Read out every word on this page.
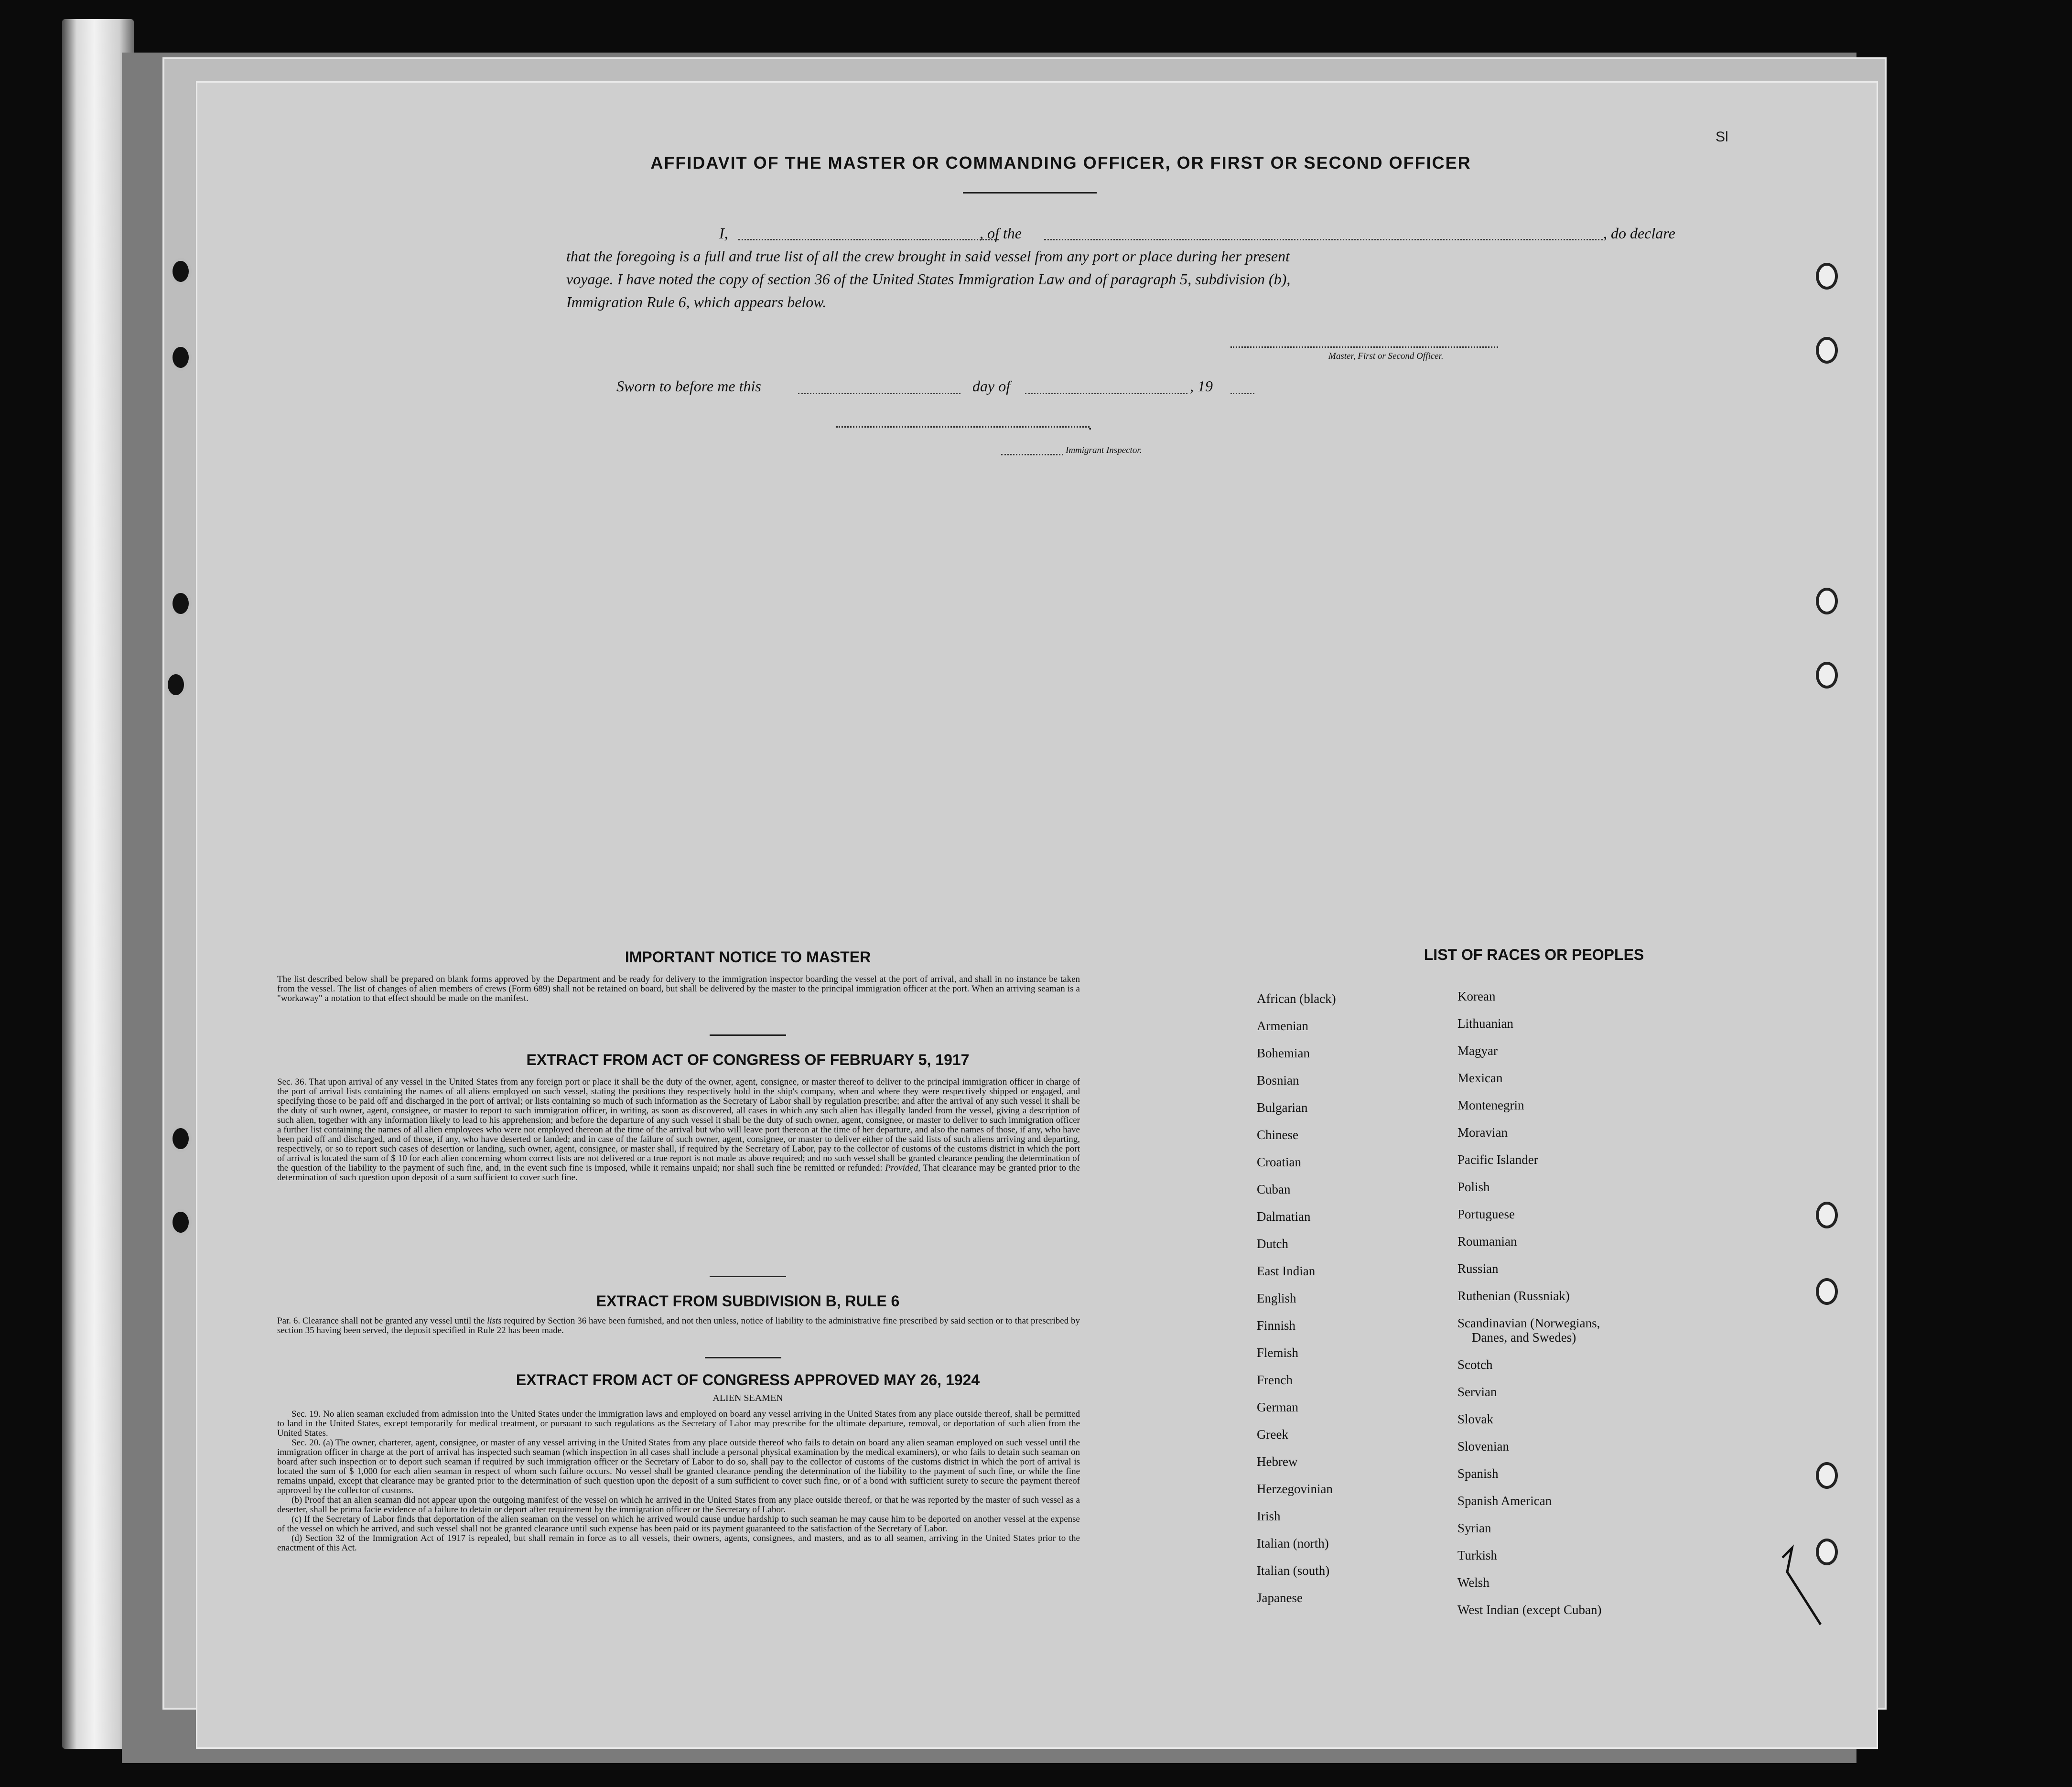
Sl
AFFIDAVIT OF THE MASTER OR COMMANDING OFFICER, OR FIRST OR SECOND OFFICER
I,	, of the	, do declare
that the foregoing is a full and true list of all the crew brought in said vessel from any port or place during her present
voyage. I have noted the copy of section 36 of the United States Immigration Law and of paragraph 5, subdivision (b),
Immigration Rule 6, which appears below.
Master, First or Second Officer.
Sworn to before me this	day of	, 19
.
Immigrant Inspector.
IMPORTANT NOTICE TO MASTER
The list described below shall be prepared on blank forms approved by the Department and be ready for delivery to the immigration inspector boarding the vessel at the port of arrival, and shall in no instance be taken from the vessel. The list of changes of alien members of crews (Form 689) shall not be retained on board, but shall be delivered by the master to the principal immigration officer at the port. When an arriving seaman is a "workaway" a notation to that effect should be made on the manifest.
EXTRACT FROM ACT OF CONGRESS OF FEBRUARY 5, 1917
Sec. 36. That upon arrival of any vessel in the United States from any foreign port or place it shall be the duty of the owner, agent, consignee, or master thereof to deliver to the principal immigration officer in charge of the port of arrival lists containing the names of all aliens employed on such vessel, stating the positions they respectively hold in the ship's company, when and where they were respectively shipped or engaged, and specifying those to be paid off and discharged in the port of arrival; or lists containing so much of such information as the Secretary of Labor shall by regulation prescribe; and after the arrival of any such vessel it shall be the duty of such owner, agent, consignee, or master to report to such immigration officer, in writing, as soon as discovered, all cases in which any such alien has illegally landed from the vessel, giving a description of such alien, together with any information likely to lead to his apprehension; and before the departure of any such vessel it shall be the duty of such owner, agent, consignee, or master to deliver to such immigration officer a further list containing the names of all alien employees who were not employed thereon at the time of the arrival but who will leave port thereon at the time of her departure, and also the names of those, if any, who have been paid off and discharged, and of those, if any, who have deserted or landed; and in case of the failure of such owner, agent, consignee, or master to deliver either of the said lists of such aliens arriving and departing, respectively, or so to report such cases of desertion or landing, such owner, agent, consignee, or master shall, if required by the Secretary of Labor, pay to the collector of customs of the customs district in which the port of arrival is located the sum of $ 10 for each alien concerning whom correct lists are not delivered or a true report is not made as above required; and no such vessel shall be granted clearance pending the determination of the question of the liability to the payment of such fine, and, in the event such fine is imposed, while it remains unpaid; nor shall such fine be remitted or refunded: Provided, That clearance may be granted prior to the determination of such question upon deposit of a sum sufficient to cover such fine.
EXTRACT FROM SUBDIVISION B, RULE 6
Par. 6. Clearance shall not be granted any vessel until the lists required by Section 36 have been furnished, and not then unless, notice of liability to the administrative fine prescribed by said section or to that prescribed by section 35 having been served, the deposit specified in Rule 22 has been made.
EXTRACT FROM ACT OF CONGRESS APPROVED MAY 26, 1924
ALIEN SEAMEN
Sec. 19. No alien seaman excluded from admission into the United States under the immigration laws and employed on board any vessel arriving in the United States from any place outside thereof, shall be permitted to land in the United States, except temporarily for medical treatment, or pursuant to such regulations as the Secretary of Labor may prescribe for the ultimate departure, removal, or deportation of such alien from the United States.
Sec. 20. (a) The owner, charterer, agent, consignee, or master of any vessel arriving in the United States from any place outside thereof who fails to detain on board any alien seaman employed on such vessel until the immigration officer in charge at the port of arrival has inspected such seaman (which inspection in all cases shall include a personal physical examination by the medical examiners), or who fails to detain such seaman on board after such inspection or to deport such seaman if required by such immigration officer or the Secretary of Labor to do so, shall pay to the collector of customs of the customs district in which the port of arrival is located the sum of $ 1,000 for each alien seaman in respect of whom such failure occurs. No vessel shall be granted clearance pending the determination of the liability to the payment of such fine, or while the fine remains unpaid, except that clearance may be granted prior to the determination of such question upon the deposit of a sum sufficient to cover such fine, or of a bond with sufficient surety to secure the payment thereof approved by the collector of customs.
(b) Proof that an alien seaman did not appear upon the outgoing manifest of the vessel on which he arrived in the United States from any place outside thereof, or that he was reported by the master of such vessel as a deserter, shall be prima facie evidence of a failure to detain or deport after requirement by the immigration officer or the Secretary of Labor.
(c) If the Secretary of Labor finds that deportation of the alien seaman on the vessel on which he arrived would cause undue hardship to such seaman he may cause him to be deported on another vessel at the expense of the vessel on which he arrived, and such vessel shall not be granted clearance until such expense has been paid or its payment guaranteed to the satisfaction of the Secretary of Labor.
(d) Section 32 of the Immigration Act of 1917 is repealed, but shall remain in force as to all vessels, their owners, agents, consignees, and masters, and as to all seamen, arriving in the United States prior to the enactment of this Act.
LIST OF RACES OR PEOPLES
African (black)
Armenian
Bohemian
Bosnian
Bulgarian
Chinese
Croatian
Cuban
Dalmatian
Dutch
East Indian
English
Finnish
Flemish
French
German
Greek
Hebrew
Herzegovinian
Irish
Italian (north)
Italian (south)
Japanese
Korean
Lithuanian
Magyar
Mexican
Montenegrin
Moravian
Pacific Islander
Polish
Portuguese
Roumanian
Russian
Ruthenian (Russniak)
Scandinavian (Norwegians,
Danes, and Swedes)
Scotch
Servian
Slovak
Slovenian
Spanish
Spanish American
Syrian
Turkish
Welsh
West Indian (except Cuban)
